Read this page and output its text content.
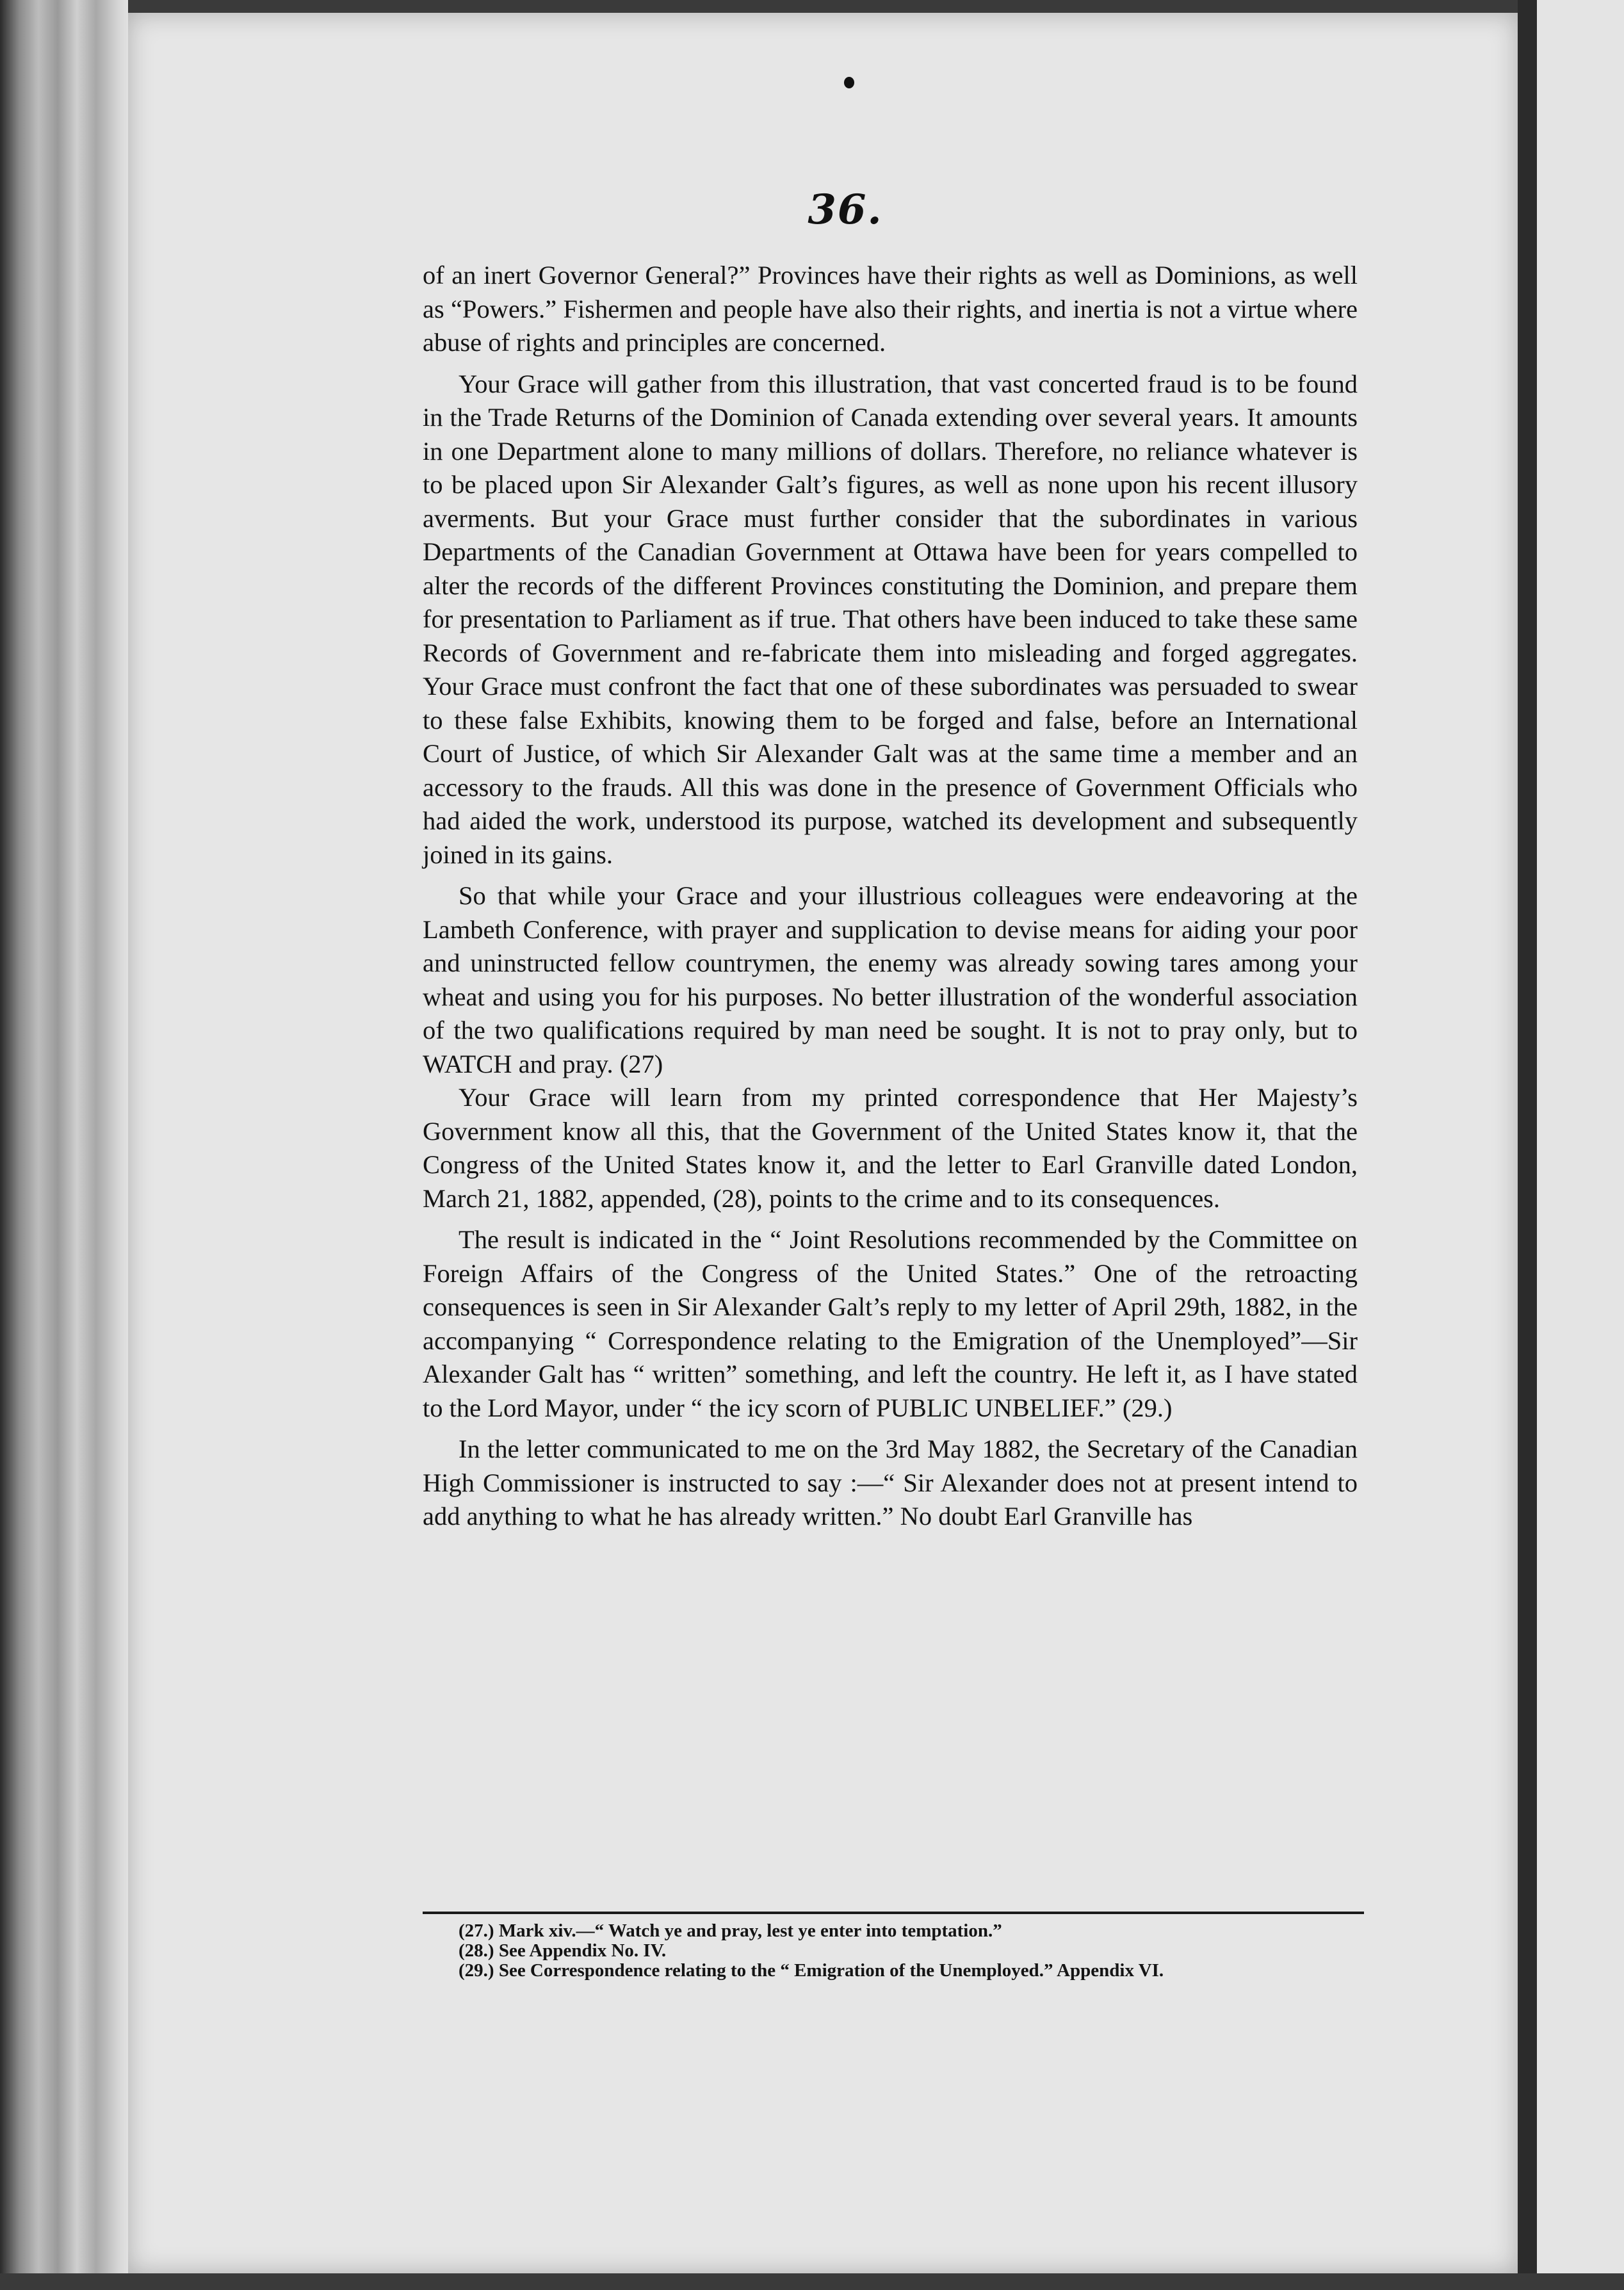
36.

of an inert Governor General?” Provinces have their rights as well as Dominions, as well as “Powers.” Fishermen and people have also their rights, and inertia is not a virtue where abuse of rights and principles are concerned.

Your Grace will gather from this illustration, that vast concerted fraud is to be found in the Trade Returns of the Dominion of Canada extending over several years. It amounts in one Department alone to many millions of dollars. Therefore, no reliance whatever is to be placed upon Sir Alexander Galt’s figures, as well as none upon his recent illusory averments. But your Grace must further consider that the subordinates in various Departments of the Canadian Government at Ottawa have been for years compelled to alter the records of the different Provinces constituting the Dominion, and prepare them for presentation to Parliament as if true. That others have been induced to take these same Records of Government and re-fabricate them into misleading and forged aggregates. Your Grace must confront the fact that one of these subordinates was persuaded to swear to these false Exhibits, knowing them to be forged and false, before an International Court of Justice, of which Sir Alexander Galt was at the same time a member and an accessory to the frauds. All this was done in the presence of Government Officials who had aided the work, understood its purpose, watched its development and subsequently joined in its gains.

So that while your Grace and your illustrious colleagues were endeavoring at the Lambeth Conference, with prayer and supplication to devise means for aiding your poor and uninstructed fellow countrymen, the enemy was already sowing tares among your wheat and using you for his purposes. No better illustration of the wonderful association of the two qualifications required by man need be sought. It is not to pray only, but to WATCH and pray. (27)

Your Grace will learn from my printed correspondence that Her Majesty’s Government know all this, that the Government of the United States know it, that the Congress of the United States know it, and the letter to Earl Granville dated London, March 21, 1882, appended, (28), points to the crime and to its consequences.

The result is indicated in the “ Joint Resolutions recommended by the Committee on Foreign Affairs of the Congress of the United States.” One of the retroacting consequences is seen in Sir Alexander Galt’s reply to my letter of April 29th, 1882, in the accompanying “ Correspondence relating to the Emigration of the Unemployed”—Sir Alexander Galt has “ written” something, and left the country. He left it, as I have stated to the Lord Mayor, under “ the icy scorn of PUBLIC UNBELIEF.” (29.)

In the letter communicated to me on the 3rd May 1882, the Secretary of the Canadian High Commissioner is instructed to say :—“ Sir Alexander does not at present intend to add anything to what he has already written.” No doubt Earl Granville has

(27.) Mark xiv.—“ Watch ye and pray, lest ye enter into temptation.”
(28.) See Appendix No. IV.
(29.) See Correspondence relating to the “ Emigration of the Unemployed.” Appendix VI.
